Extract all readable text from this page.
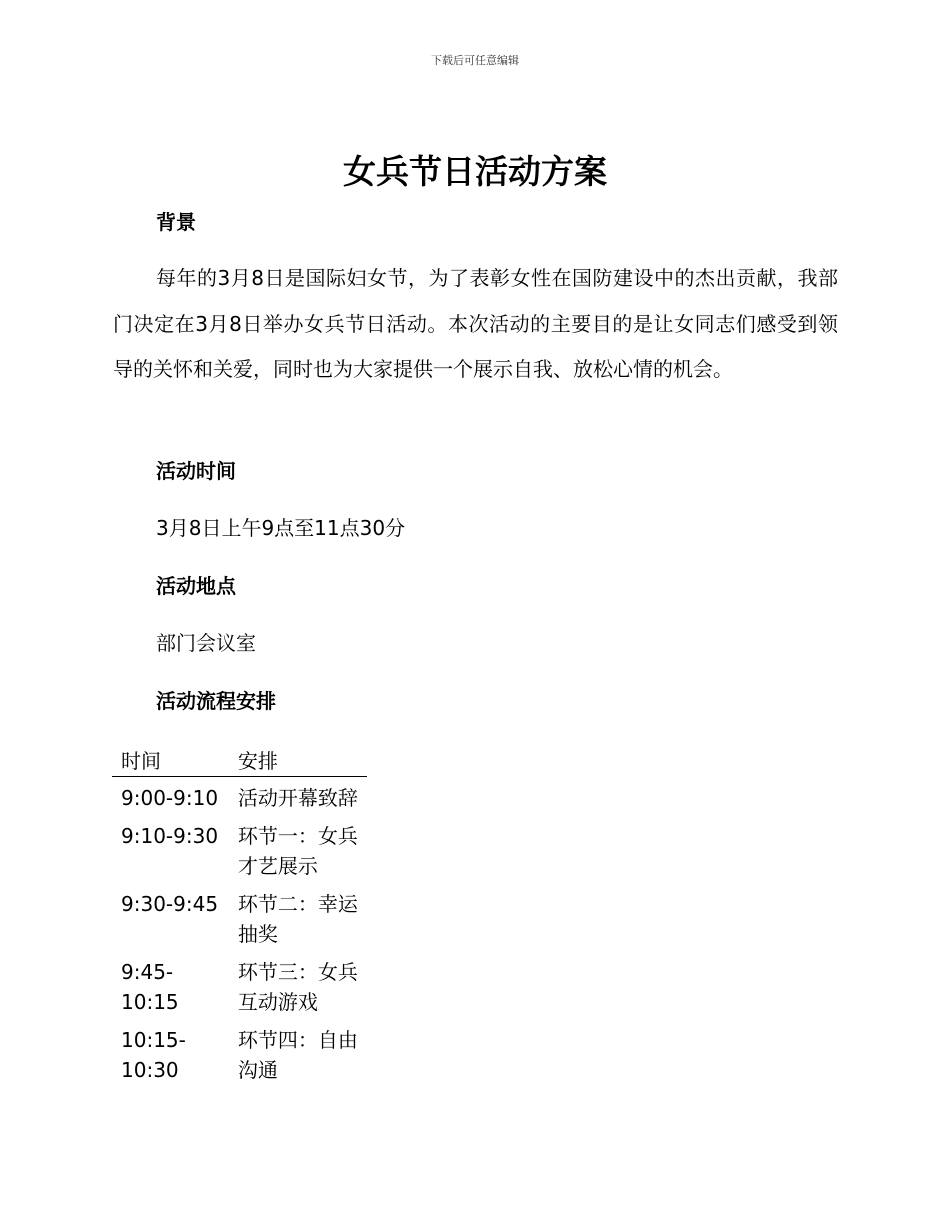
下载后可任意编辑
女兵节日活动方案
背景

每年的3月8日是国际妇女节，为了表彰女性在国防建设中的杰出贡献，我部门决定在3月8日举办女兵节日活动。本次活动的主要目的是让女同志们感受到领导的关怀和关爱，同时也为大家提供一个展示自我、放松心情的机会。

活动时间

3月8日上午9点至11点30分

活动地点

部门会议室

活动流程安排
时间	安排
9:00-9:10	活动开幕致辞
9:10-9:30	环节一：女兵才艺展示
9:30-9:45	环节二：幸运抽奖
9:45-10:15	环节三：女兵互动游戏
10:15-10:30	环节四：自由沟通
